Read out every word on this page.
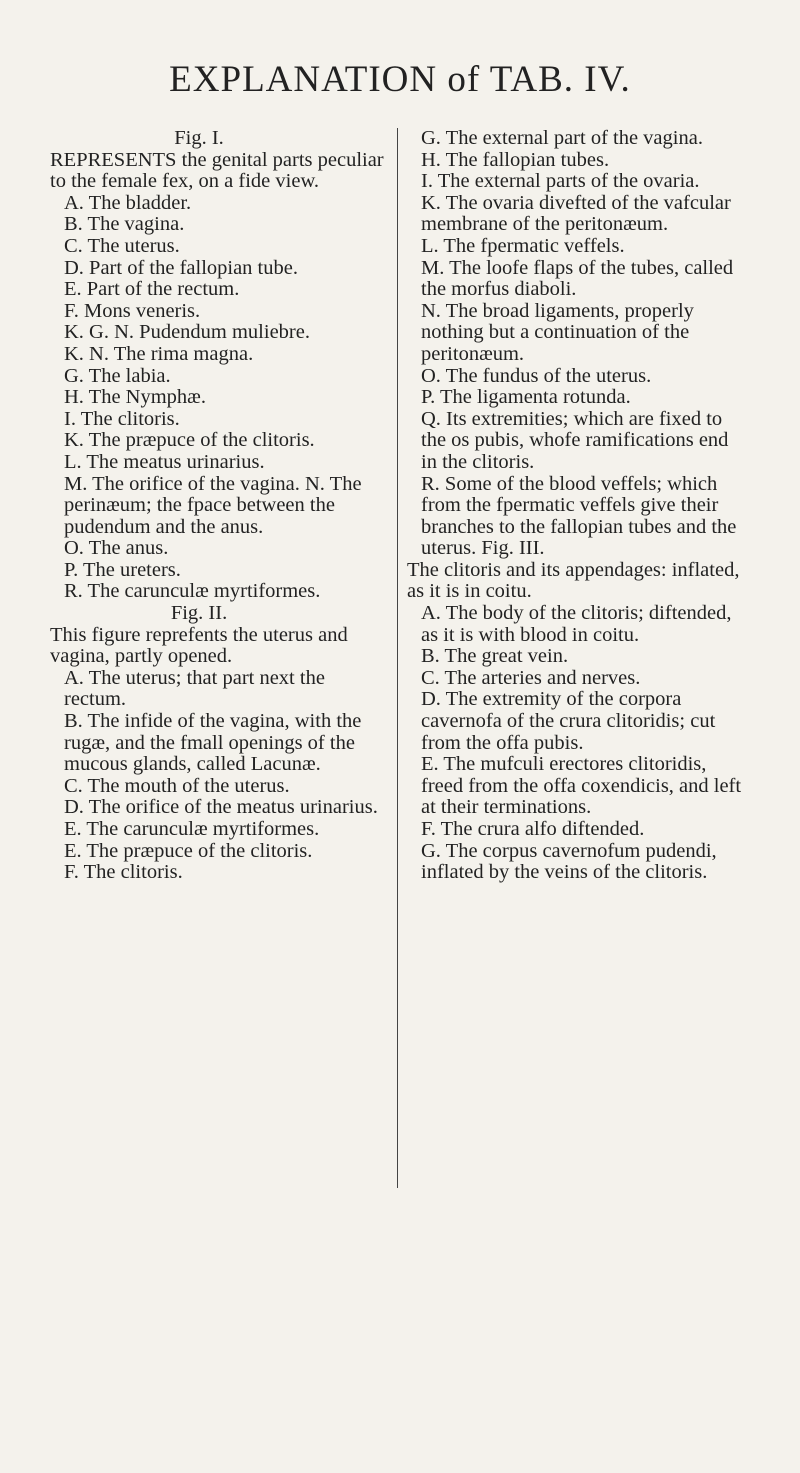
EXPLANATION of TAB. IV.

Fig. I.

REPRESENTS the genital parts peculiar to the female fex, on a fide view.

A. The bladder.

B. The vagina.

C. The uterus.

D. Part of the fallopian tube.

E. Part of the rectum.

F. Mons veneris.

K. G. N. Pudendum muliebre.

K. N. The rima magna.

G. The labia.

H. The Nymphæ.

I. The clitoris.

K. The præpuce of the clitoris.

L. The meatus urinarius.

M. The orifice of the vagina. N. The perinæum; the fpace between the pudendum and the anus.

O. The anus.

P. The ureters.

R. The carunculæ myrtiformes.

Fig. II.

This figure reprefents the uterus and vagina, partly opened.

A. The uterus; that part next the rectum.

B. The infide of the vagina, with the rugæ, and the fmall openings of the mucous glands, called Lacunæ.

C. The mouth of the uterus.

D. The orifice of the meatus urinarius.

E. The carunculæ myrtiformes.

E. The præpuce of the clitoris.

F. The clitoris.

G. The external part of the vagina.

H. The fallopian tubes.

I. The external parts of the ovaria.

K. The ovaria divefted of the vafcular membrane of the peritonæum.

L. The fpermatic veffels.

M. The loofe flaps of the tubes, called the morfus diaboli.

N. The broad ligaments, properly nothing but a continuation of the peritonæum.

O. The fundus of the uterus.

P. The ligamenta rotunda.

Q. Its extremities; which are fixed to the os pubis, whofe ramifications end in the clitoris.

R. Some of the blood veffels; which from the fpermatic veffels give their branches to the fallopian tubes and the uterus. Fig. III.

The clitoris and its appendages: inflated, as it is in coitu.

A. The body of the clitoris; diftended, as it is with blood in coitu.

B. The great vein.

C. The arteries and nerves.

D. The extremity of the corpora cavernofa of the crura clitoridis; cut from the offa pubis.

E. The mufculi erectores clitoridis, freed from the offa coxendicis, and left at their terminations.

F. The crura alfo diftended.

G. The corpus cavernofum pudendi, inflated by the veins of the clitoris.
